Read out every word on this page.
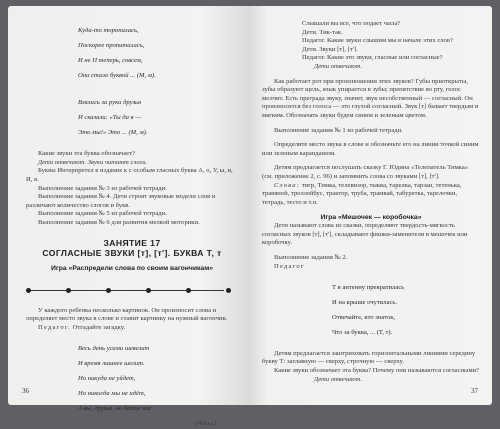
Куда-то торопилась,

Поскорее пропиталась,

И не П теперь, совсем,

Она стало буквой ... (М, м).

Взялись за руки друзья

И сказали: «Ты да я —

Это мы!» Это ... (М, м).

Какие звуки эта буква обозначает?

Дети отвечают. Звуки читают слоги.

Буквы Интерпретел в издание к с особым гласных буква А, о, У, ы, и, И, я.

Выполнение задания № 3 из рабочей тетради.

Выполнение задания № 4. Дети строят звуковые модели слов и различают количество слогов и букв.

Выполнение задания № 5 из рабочей тетради.

Выполнение задания № 6 для развития мелкой моторики.

ЗАНЯТИЕ 17

СОГЛАСНЫЕ ЗВУКИ [т], [т']. БУКВА Т, т

Игра «Распредели слова по своим вагончикам»

У каждого ребенка несколько картинок. Он произносит слова и определяет место звука в слове и ставит картинку на нужный вагончик.

Педагог. Отгадайте загадку.

Весь день усами шевелит

И время лишнее шелит.

Но никуда не уйдет,

Но никогда мы не идёт,

А вы, друзья, не бейте нас.

(Часы.)

36

Слышали вы все, что подает часы?

Дети. Тик-так.

Педагог. Какие звуки слышим мы в начале этих слов?

Дети. Звуки [т], [т'].

Педагог. Какие это звуки, гласные или согласные?

Дети отвечают.

Как работает рот при произношении этих звуков? Губы приоткрыты, зубы образуют щель, язык упирается в зубы; препятствие во рту, голос молчит. Есть преграда звуку, значит, звук несобственный — согласный. Он произносится без голоса — это глухой согласный. Звук [т] бывает твердым и мягким. Обозначать звуки будем синим и зеленым цветом.

Выполнение задания № 1 из рабочей тетради.

Определите место звука в слове и обозначьте его на линии точкой синим или зеленым карандашом.

Детям предлагается послушать сказку Г. Юдина «Телепатель Тимка» (см. приложение 2, с. 96) и запомнить слова со звуками [т], [т'].

Слова: тигр, Тимка, телевизор, тыква, тарелка, тарзан, тетенька, травяной, троллейбус, трактор, труба, трамвай, табуретка, тарелочки, тетрадь, тесто и т.п.

Игра «Мешочек — коробочка»

Дети называют слова из сказки, определяют твердость-мягкость согласных звуков [т], [т'], складывают фишки-заменители в мешочек или коробочку.

Выполнение задания № 2.

Педагог

Т в антенну превратилась

И на крыше очутилась.

Отвечайте, кто знаток,

Что за буква, ... (Т, т).

Детям предлагается заштриховать горизонтальными линиями середину букву Т: заглавную — сверху, строчную — сверху.

Какие звуки обозначает эта буква? Почему они называются согласными?

Дети отвечают.

37
